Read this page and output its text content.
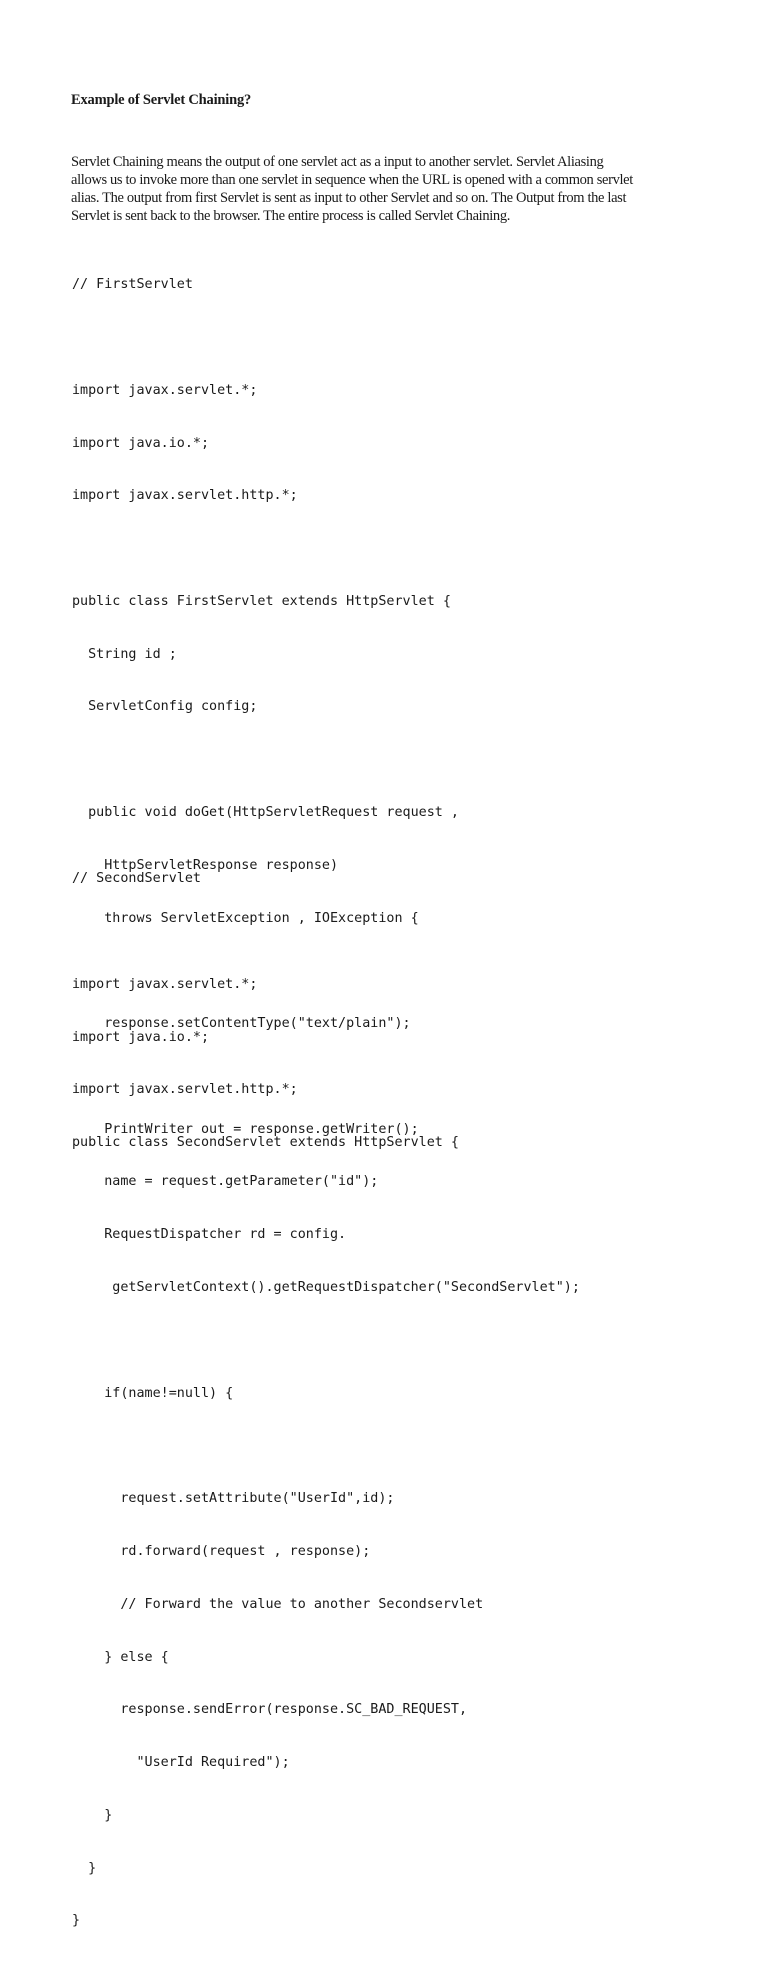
Example of Servlet Chaining?

Servlet Chaining means the output of one servlet act as a input to another servlet. Servlet Aliasing
allows us to invoke more than one servlet in sequence when the URL is opened with a common servlet
alias. The output from first Servlet is sent as input to other Servlet and so on. The Output from the last
Servlet is sent back to the browser. The entire process is called Servlet Chaining.

// FirstServlet

import javax.servlet.*;

import java.io.*;

import javax.servlet.http.*;

public class FirstServlet extends HttpServlet {

String id ;

ServletConfig config;

public void doGet(HttpServletRequest request ,

HttpServletResponse response)

throws ServletException , IOException {

response.setContentType("text/plain");

PrintWriter out = response.getWriter();

name = request.getParameter("id");

RequestDispatcher rd = config.

getServletContext().getRequestDispatcher("SecondServlet");

if(name!=null) {

request.setAttribute("UserId",id);

rd.forward(request , response);

// Forward the value to another Secondservlet

} else {

response.sendError(response.SC_BAD_REQUEST,

"UserId Required");

}

}

}

// SecondServlet

import javax.servlet.*;

import java.io.*;

import javax.servlet.http.*;

public class SecondServlet extends HttpServlet {
